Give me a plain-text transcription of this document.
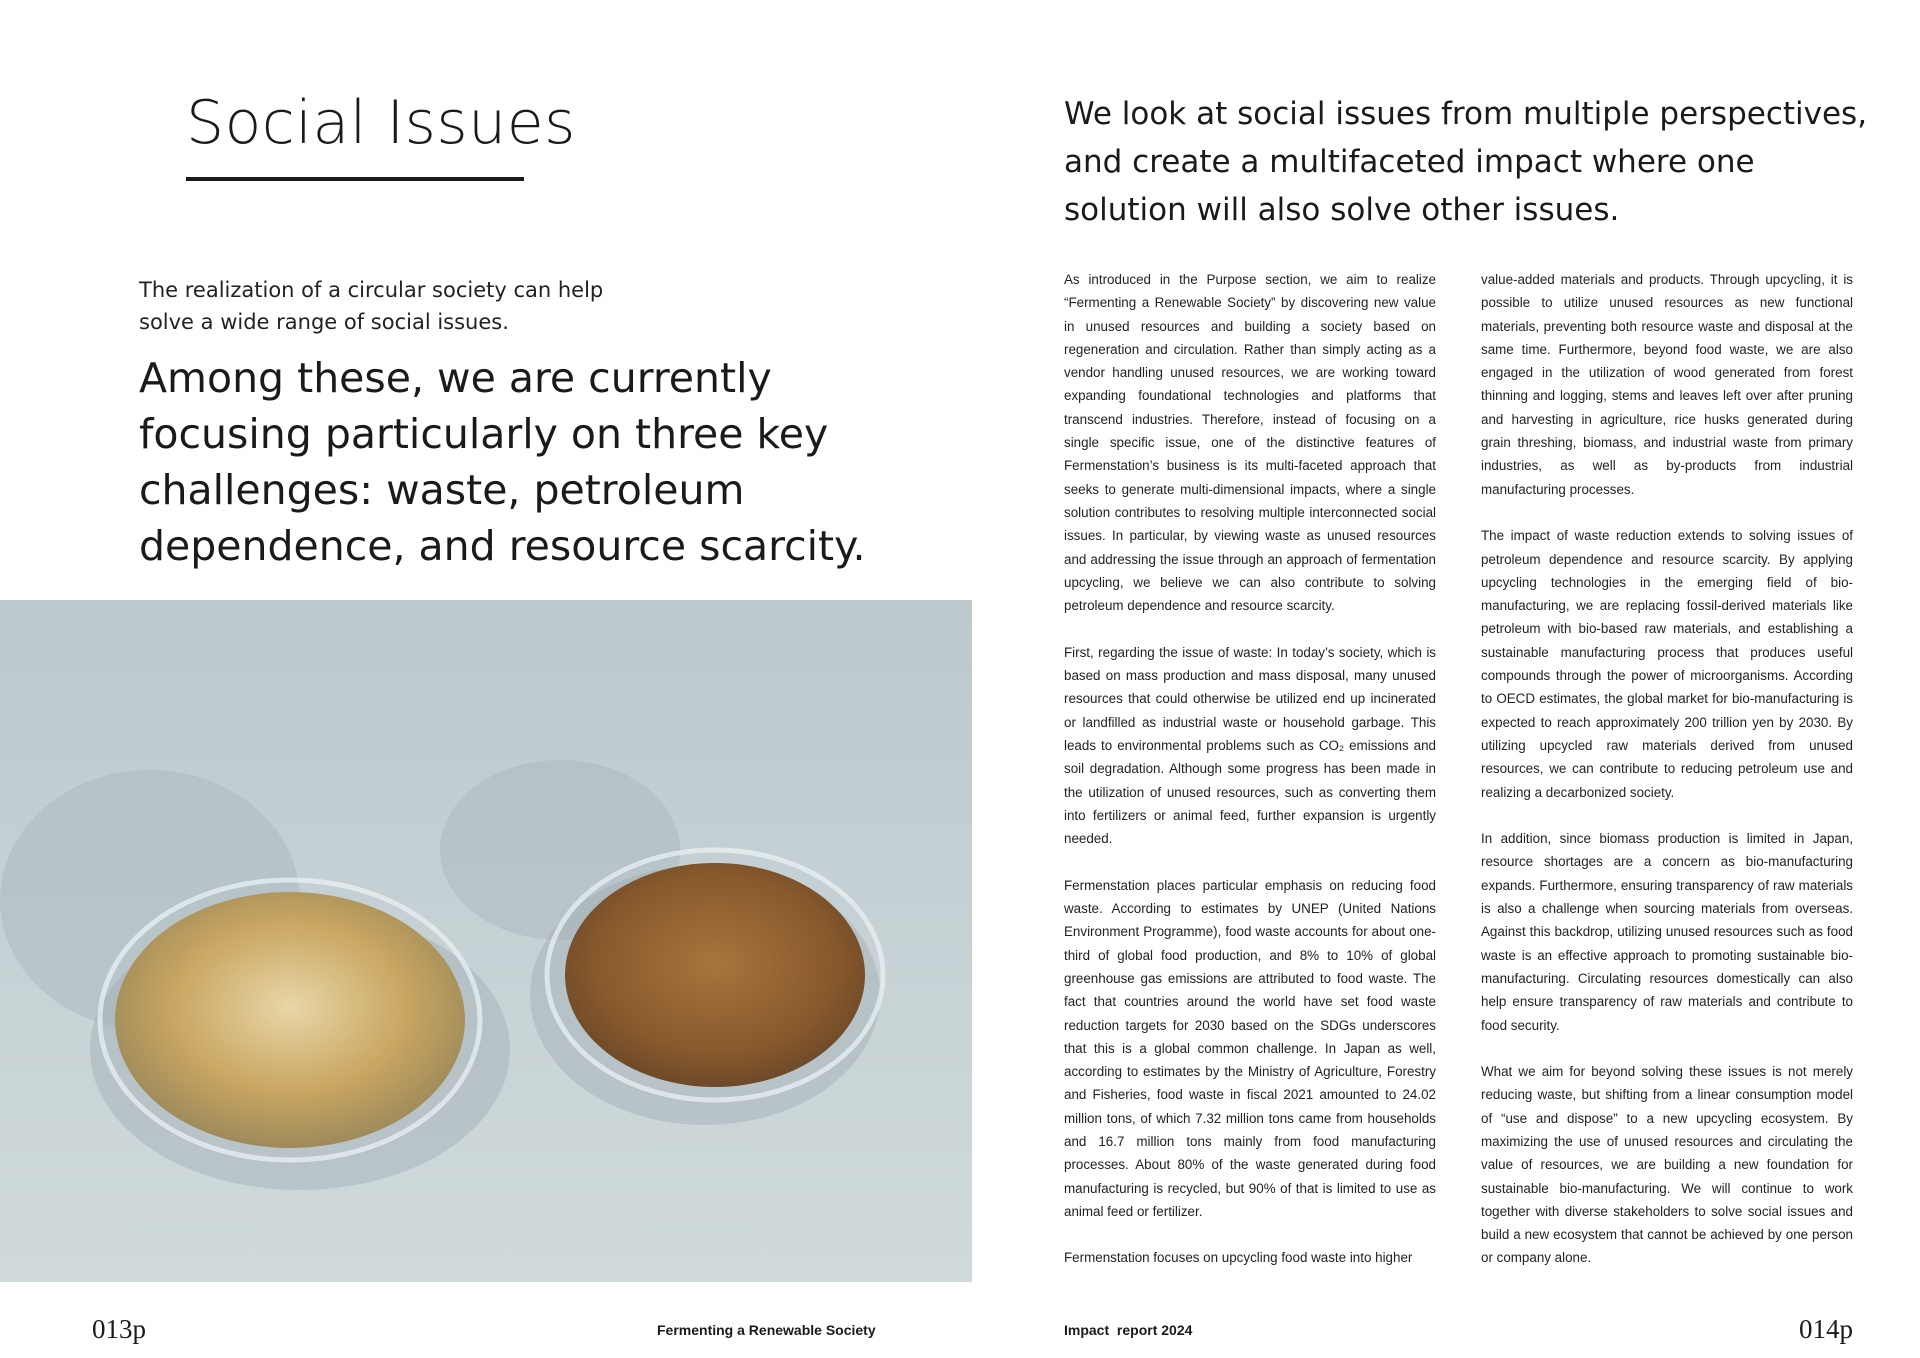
Social Issues

The realization of a circular society can help solve a wide range of social issues.

Among these, we are currently focusing particularly on three key challenges: waste, petroleum dependence, and resource scarcity.

We look at social issues from multiple perspectives, and create a multifaceted impact where one solution will also solve other issues.

As introduced in the Purpose section, we aim to realize “Fermenting a Renewable Society” by discovering new value in unused resources and building a society based on regeneration and circulation. Rather than simply acting as a vendor handling unused resources, we are working toward expanding foundational technologies and platforms that transcend industries. Therefore, instead of focusing on a single specific issue, one of the distinctive features of Fermenstation’s business is its multi-faceted approach that seeks to generate multi-dimensional impacts, where a single solution contributes to resolving multiple interconnected social issues. In particular, by viewing waste as unused resources and addressing the issue through an approach of fermentation upcycling, we believe we can also contribute to solving petroleum dependence and resource scarcity.

First, regarding the issue of waste: In today’s society, which is based on mass production and mass disposal, many unused resources that could otherwise be utilized end up incinerated or landfilled as industrial waste or household garbage. This leads to environmental problems such as CO₂ emissions and soil degradation. Although some progress has been made in the utilization of unused resources, such as converting them into fertilizers or animal feed, further expansion is urgently needed.

Fermenstation places particular emphasis on reducing food waste. According to estimates by UNEP (United Nations Environment Programme), food waste accounts for about one-third of global food production, and 8% to 10% of global greenhouse gas emissions are attributed to food waste. The fact that countries around the world have set food waste reduction targets for 2030 based on the SDGs underscores that this is a global common challenge. In Japan as well, according to estimates by the Ministry of Agriculture, Forestry and Fisheries, food waste in fiscal 2021 amounted to 24.02 million tons, of which 7.32 million tons came from households and 16.7 million tons mainly from food manufacturing processes. About 80% of the waste generated during food manufacturing is recycled, but 90% of that is limited to use as animal feed or fertilizer.

Fermenstation focuses on upcycling food waste into higher

value-added materials and products. Through upcycling, it is possible to utilize unused resources as new functional materials, preventing both resource waste and disposal at the same time. Furthermore, beyond food waste, we are also engaged in the utilization of wood generated from forest thinning and logging, stems and leaves left over after pruning and harvesting in agriculture, rice husks generated during grain threshing, biomass, and industrial waste from primary industries, as well as by-products from industrial manufacturing processes.

The impact of waste reduction extends to solving issues of petroleum dependence and resource scarcity. By applying upcycling technologies in the emerging field of bio-manufacturing, we are replacing fossil-derived materials like petroleum with bio-based raw materials, and establishing a sustainable manufacturing process that produces useful compounds through the power of microorganisms. According to OECD estimates, the global market for bio-manufacturing is expected to reach approximately 200 trillion yen by 2030. By utilizing upcycled raw materials derived from unused resources, we can contribute to reducing petroleum use and realizing a decarbonized society.

In addition, since biomass production is limited in Japan, resource shortages are a concern as bio-manufacturing expands. Furthermore, ensuring transparency of raw materials is also a challenge when sourcing materials from overseas. Against this backdrop, utilizing unused resources such as food waste is an effective approach to promoting sustainable bio-manufacturing. Circulating resources domestically can also help ensure transparency of raw materials and contribute to food security.

What we aim for beyond solving these issues is not merely reducing waste, but shifting from a linear consumption model of “use and dispose” to a new upcycling ecosystem. By maximizing the use of unused resources and circulating the value of resources, we are building a new foundation for sustainable bio-manufacturing. We will continue to work together with diverse stakeholders to solve social issues and build a new ecosystem that cannot be achieved by one person or company alone.

013p	Fermenting a Renewable Society	Impact  report 2024	014p
